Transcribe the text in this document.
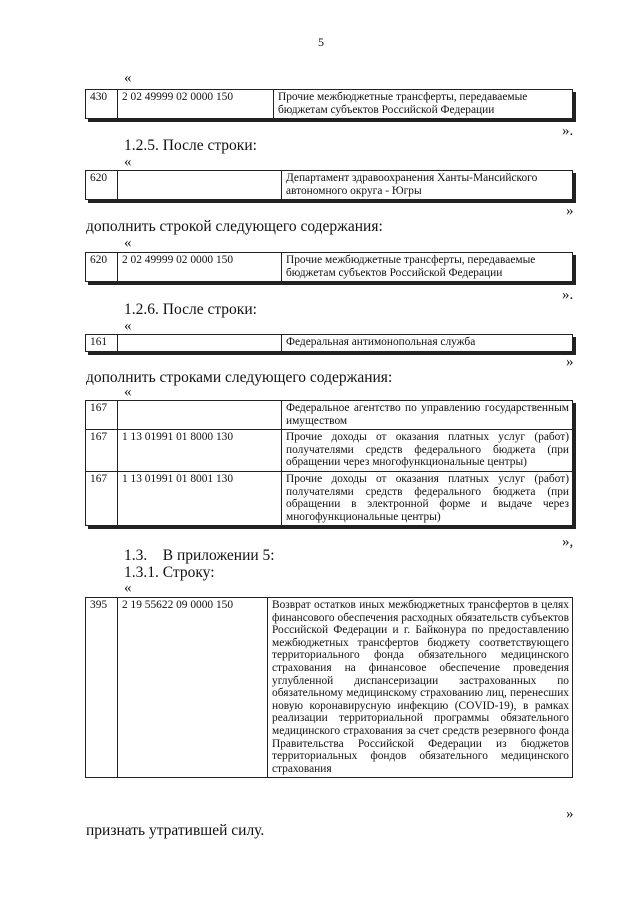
5
«
430	2 02 49999 02 0000 150	Прочие межбюджетные трансферты, передаваемые бюджетам субъектов Российской Федерации
».
1.2.5. После строки:
«
620		Департамент здравоохранения Ханты-Мансийского автономного округа - Югры
»
дополнить строкой следующего содержания:
«
620	2 02 49999 02 0000 150	Прочие межбюджетные трансферты, передаваемые бюджетам субъектов Российской Федерации
».
1.2.6. После строки:
«
161		Федеральная антимонопольная служба
»
дополнить строками следующего содержания:
«
167		Федеральное агентство по управлению государственным имуществом
167	1 13 01991 01 8000 130	Прочие доходы от оказания платных услуг (работ) получателями средств федерального бюджета (при обращении через многофункциональные центры)
167	1 13 01991 01 8001 130	Прочие доходы от оказания платных услуг (работ) получателями средств федерального бюджета (при обращении в электронной форме и выдаче через многофункциональные центры)
»,
1.3.    В приложении 5:
1.3.1. Строку:
«
395	2 19 55622 09 0000 150	Возврат остатков иных межбюджетных трансфертов в целях финансового обеспечения расходных обязательств субъектов Российской Федерации и г. Байконура по предоставлению межбюджетных трансфертов бюджету соответствующего территориального фонда обязательного медицинского страхования на финансовое обеспечение проведения углубленной диспансеризации застрахованных по обязательному медицинскому страхованию лиц, перенесших новую коронавирусную инфекцию (COVID-19), в рамках реализации территориальной программы обязательного медицинского страхования за счет средств резервного фонда Правительства Российской Федерации из бюджетов территориальных фондов обязательного медицинского страхования
»
признать утратившей силу.
